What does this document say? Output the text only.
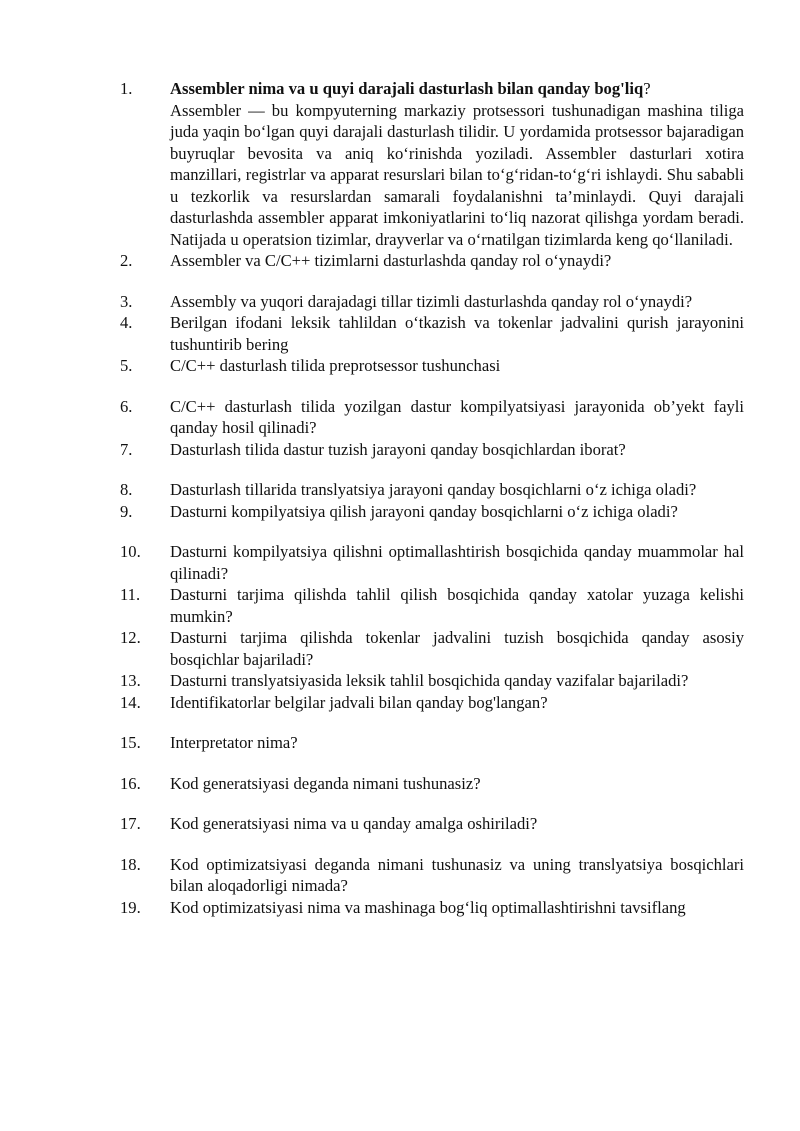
1.	Assembler nima va u quyi darajali dasturlash bilan qanday bog'liq?
Assembler — bu kompyuterning markaziy protsessori tushunadigan mashina tiliga juda yaqin bo‘lgan quyi darajali dasturlash tilidir. U yordamida protsessor bajaradigan buyruqlar bevosita va aniq ko‘rinishda yoziladi. Assembler dasturlari xotira manzillari, registrlar va apparat resurslari bilan to‘g‘ridan-to‘g‘ri ishlaydi. Shu sababli u tezkorlik va resurslardan samarali foydalanishni ta’minlaydi. Quyi darajali dasturlashda assembler apparat imkoniyatlarini to‘liq nazorat qilishga yordam beradi. Natijada u operatsion tizimlar, drayverlar va o‘rnatilgan tizimlarda keng qo‘llaniladi.
2.	Assembler va C/C++ tizimlarni dasturlashda qanday rol o‘ynaydi?
3.	Assembly va yuqori darajadagi tillar tizimli dasturlashda qanday rol o‘ynaydi?
4.	Berilgan ifodani leksik tahlildan o‘tkazish va tokenlar jadvalini qurish jarayonini tushuntirib bering
5.	C/C++ dasturlash tilida preprotsessor tushunchasi
6.	C/C++ dasturlash tilida yozilgan dastur kompilyatsiyasi jarayonida ob’yekt fayli qanday hosil qilinadi?
7.	Dasturlash tilida dastur tuzish jarayoni qanday bosqichlardan iborat?
8.	Dasturlash tillarida translyatsiya jarayoni qanday bosqichlarni o‘z ichiga oladi?
9.	Dasturni kompilyatsiya qilish jarayoni qanday bosqichlarni o‘z ichiga oladi?
10.	Dasturni kompilyatsiya qilishni optimallashtirish bosqichida qanday muammolar hal qilinadi?
11.	Dasturni tarjima qilishda tahlil qilish bosqichida qanday xatolar yuzaga kelishi mumkin?
12.	Dasturni tarjima qilishda tokenlar jadvalini tuzish bosqichida qanday asosiy bosqichlar bajariladi?
13.	Dasturni translyatsiyasida leksik tahlil bosqichida qanday vazifalar bajariladi?
14.	Identifikatorlar belgilar jadvali bilan qanday bog'langan?
15.	Interpretator nima?
16.	Kod generatsiyasi deganda nimani tushunasiz?
17.	Kod generatsiyasi nima va u qanday amalga oshiriladi?
18.	Kod optimizatsiyasi deganda nimani tushunasiz va uning translyatsiya bosqichlari bilan aloqadorligi nimada?
19.	Kod optimizatsiyasi nima va mashinaga bog‘liq optimallashtirishni tavsiflang
